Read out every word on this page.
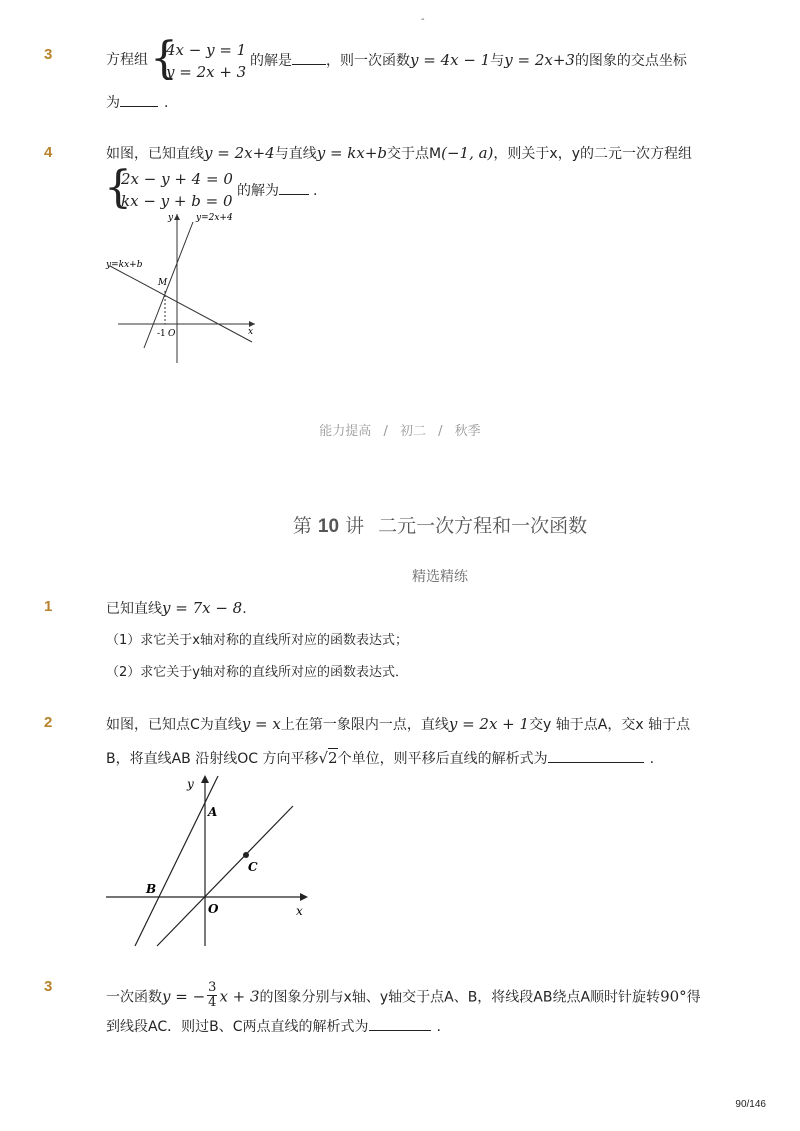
-
3	方程组 {
4x − y = 1
y = 2x + 3
的解是 ，则一次函数y = 4x − 1与y = 2x+3的图象的交点坐标
为	.
4	如图，已知直线y = 2x+4与直线y = kx+b交于点M(−1, a)，则关于x，y的二元一次方程组
{
2x − y + 4 = 0
kx − y + b = 0
的解为 .
y	y=2x+4
y=kx+b
M
x
-1 O
能力提高 / 初二 / 秋季
第 10 讲 二元一次方程和一次函数
精选精练
1	已知直线y = 7x − 8.
（1）求它关于x轴对称的直线所对应的函数表达式；
（2）求它关于y轴对称的直线所对应的函数表达式．
2	如图，已知点C为直线y = x上在第一象限内一点，直线y = 2x + 1交y 轴于点A，交x 轴于点
B，将直线AB 沿射线OC 方向平移√2个单位，则平移后直线的解析式为	.
y
A
C
B
O	x
3
一次函数y = − $\frac{3}{4}$ x + 3的图象分别与x轴、y轴交于点A、B，将线段AB绕点A顺时针旋转90°得
到线段AC．则过B、C两点直线的解析式为	.
90/146
